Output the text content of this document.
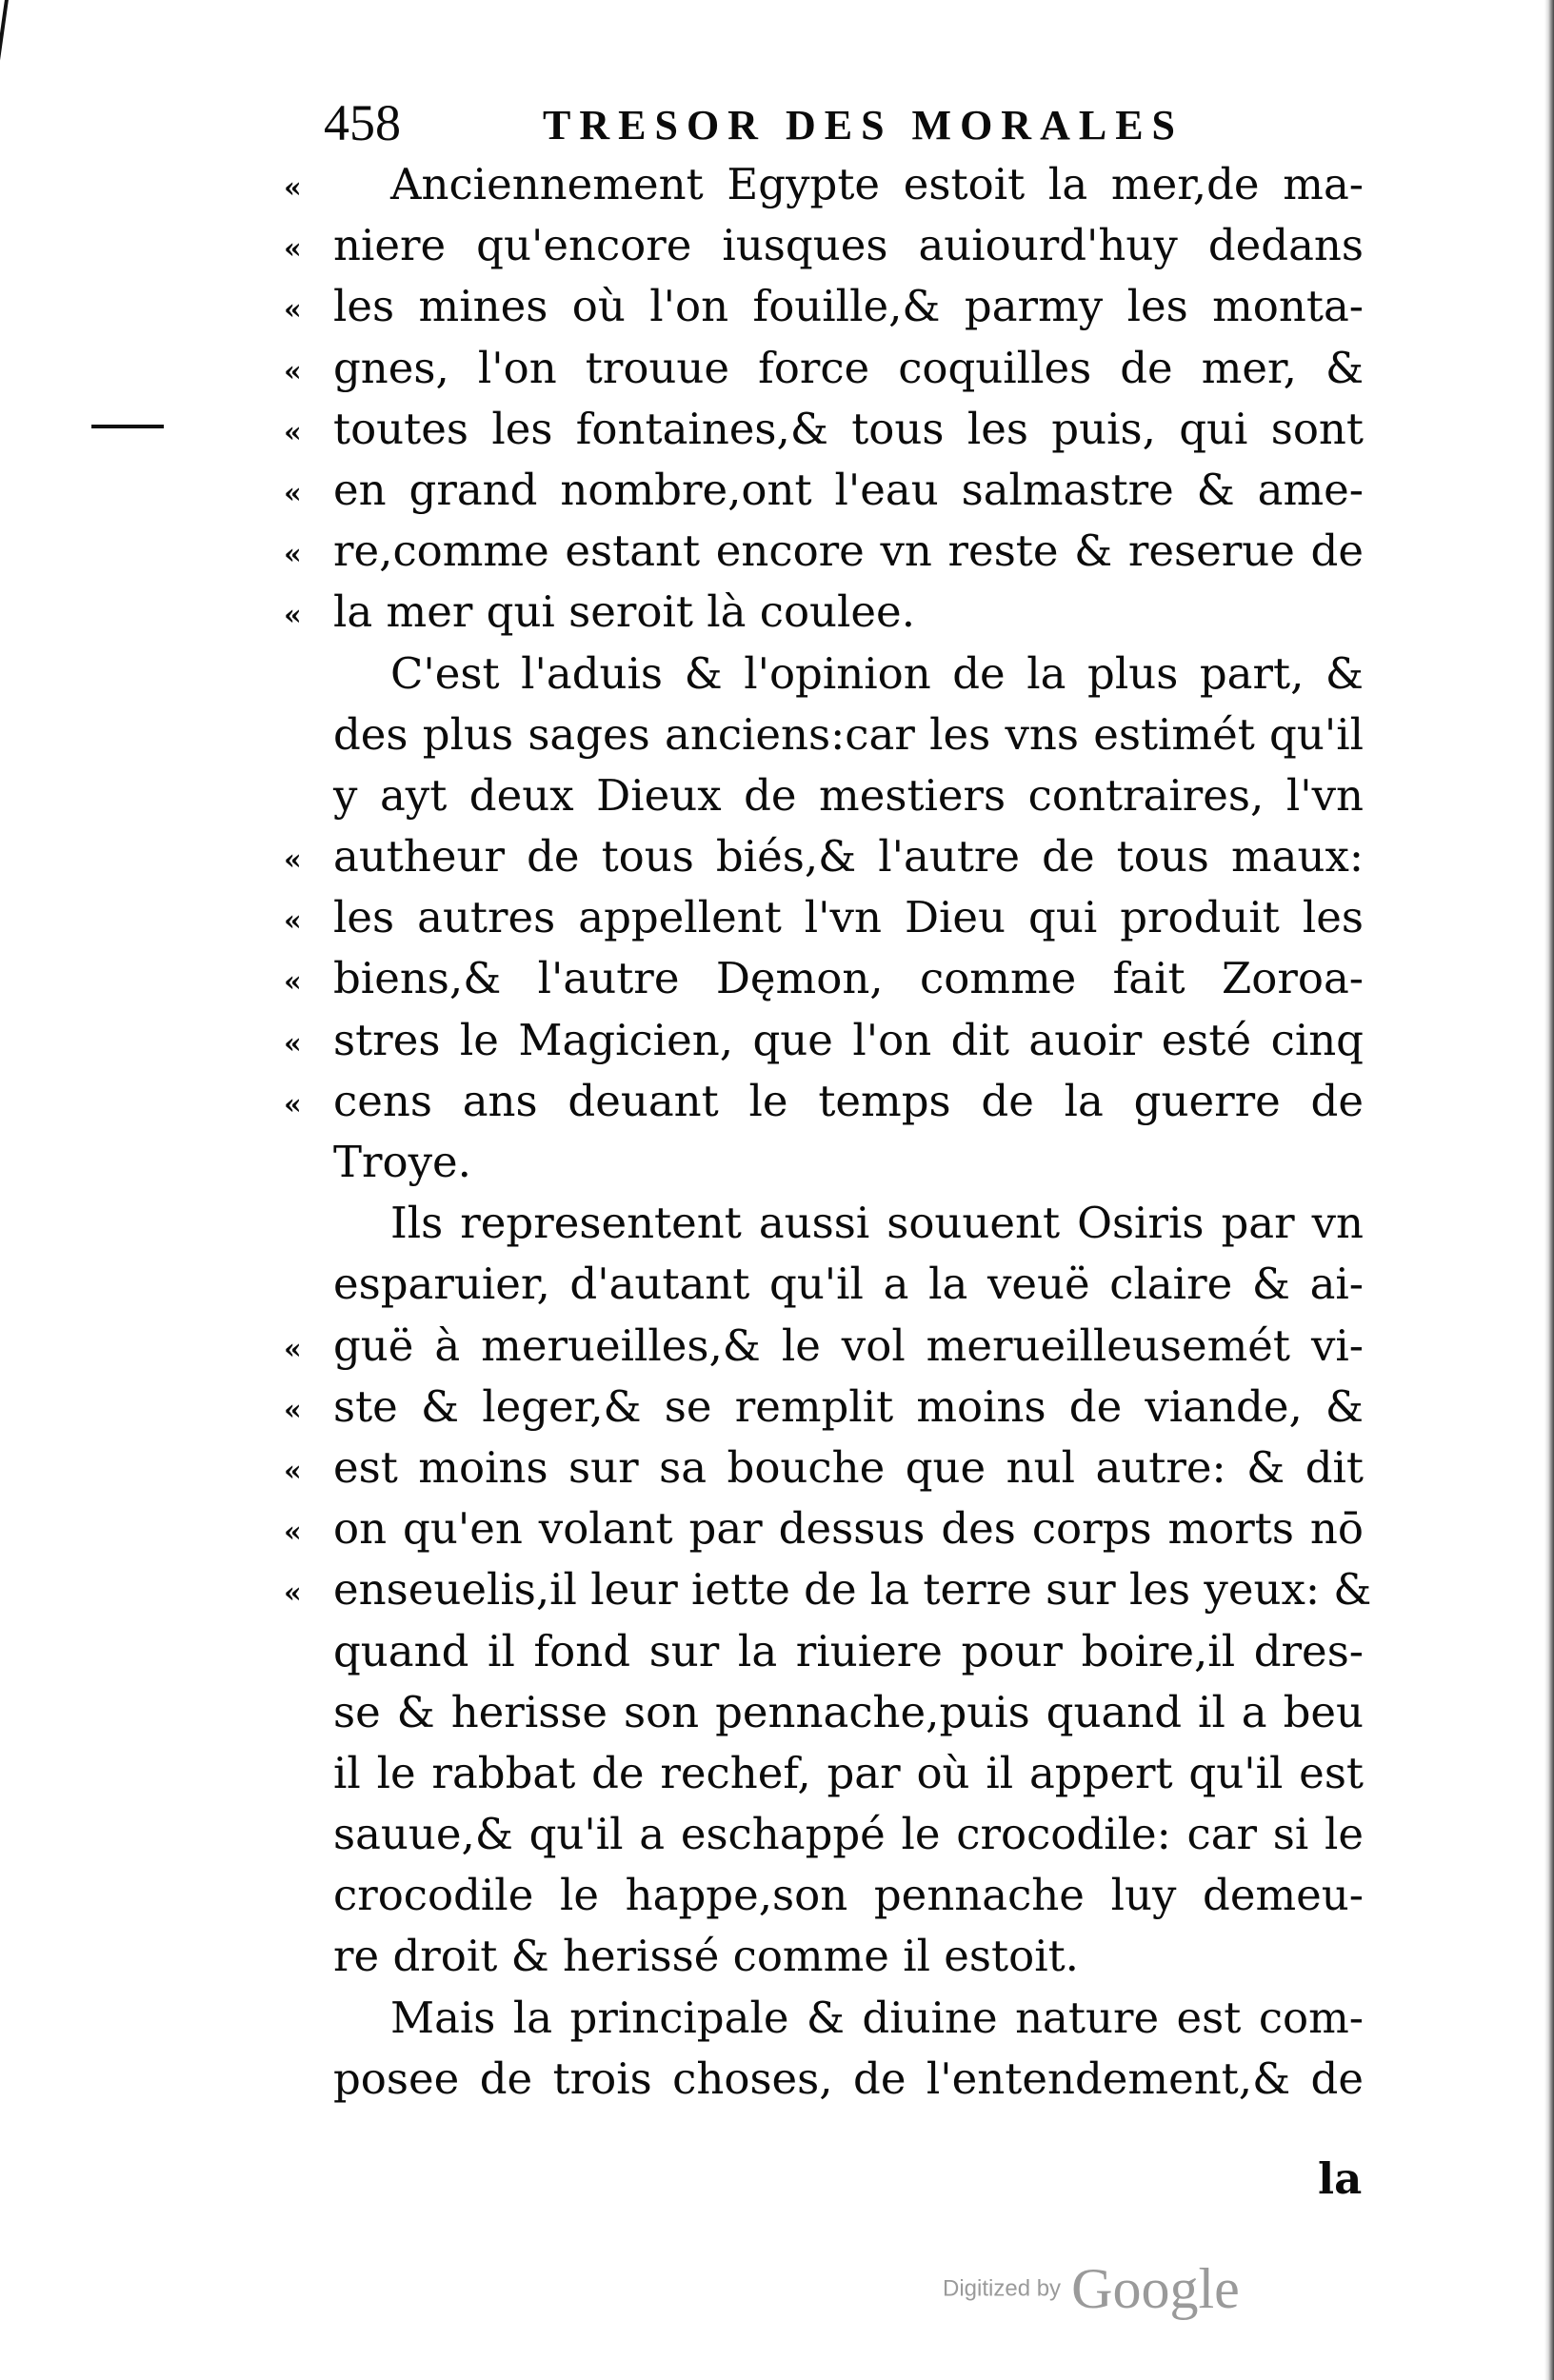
458	TRESOR DES MORALES
« Anciennement Egypte estoit la mer,de ma-
« niere qu'encore iusques auiourd'huy dedans
« les mines où l'on fouille,& parmy les monta-
« gnes, l'on trouue force coquilles de mer, &
« toutes les fontaines,& tous les puis, qui sont
« en grand nombre,ont l'eau salmastre & ame-
« re,comme estant encore vn reste & reserue de
« la mer qui seroit là coulee.
C'est l'aduis & l'opinion de la plus part, &
des plus sages anciens:car les vns estimét qu'il
y ayt deux Dieux de mestiers contraires, l'vn
« autheur de tous biés,& l'autre de tous maux:
« les autres appellent l'vn Dieu qui produit les
« biens,& l'autre Dęmon, comme fait Zoroa-
« stres le Magicien, que l'on dit auoir esté cinq
« cens ans deuant le temps de la guerre de
Troye.
Ils representent aussi souuent Osiris par vn
esparuier, d'autant qu'il a la veuë claire & ai-
« guë à merueilles,& le vol merueilleusemét vi-
« ste & leger,& se remplit moins de viande, &
« est moins sur sa bouche que nul autre: & dit
« on qu'en volant par dessus des corps morts nō
« enseuelis,il leur iette de la terre sur les yeux: &
quand il fond sur la riuiere pour boire,il dres-
se & herisse son pennache,puis quand il a beu
il le rabbat de rechef, par où il appert qu'il est
sauue,& qu'il a eschappé le crocodile: car si le
crocodile le happe,son pennache luy demeu-
re droit & herissé comme il estoit.
Mais la principale & diuine nature est com-
posee de trois choses, de l'entendement,& de
la
Digitized by Google
